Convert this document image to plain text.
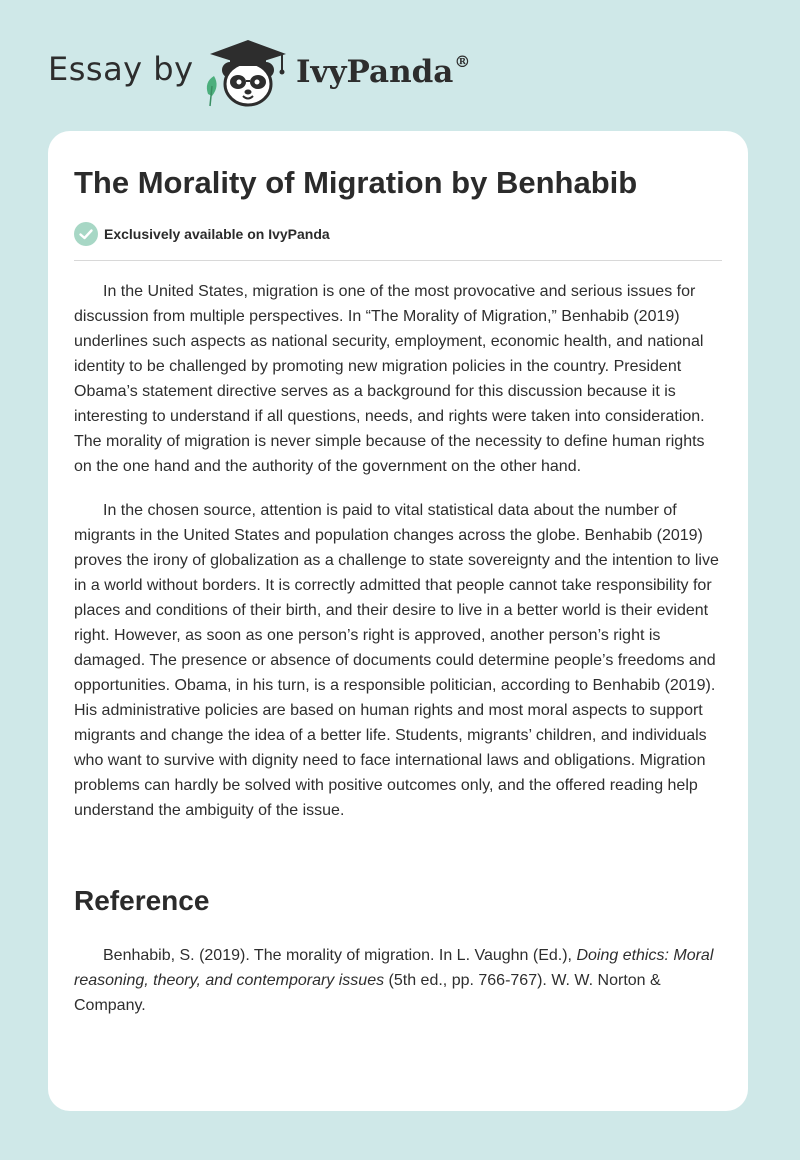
Essay by	IvyPanda®
The Morality of Migration by Benhabib
Exclusively available on IvyPanda

In the United States, migration is one of the most provocative and serious issues for discussion from multiple perspectives. In “The Morality of Migration,” Benhabib (2019) underlines such aspects as national security, employment, economic health, and national identity to be challenged by promoting new migration policies in the country. President Obama’s statement directive serves as a background for this discussion because it is interesting to understand if all questions, needs, and rights were taken into consideration. The morality of migration is never simple because of the necessity to define human rights on the one hand and the authority of the government on the other hand.

In the chosen source, attention is paid to vital statistical data about the number of migrants in the United States and population changes across the globe. Benhabib (2019) proves the irony of globalization as a challenge to state sovereignty and the intention to live in a world without borders. It is correctly admitted that people cannot take responsibility for places and conditions of their birth, and their desire to live in a better world is their evident right. However, as soon as one person’s right is approved, another person’s right is damaged. The presence or absence of documents could determine people’s freedoms and opportunities. Obama, in his turn, is a responsible politician, according to Benhabib (2019). His administrative policies are based on human rights and most moral aspects to support migrants and change the idea of a better life. Students, migrants’ children, and individuals who want to survive with dignity need to face international laws and obligations. Migration problems can hardly be solved with positive outcomes only, and the offered reading help understand the ambiguity of the issue.

Reference

Benhabib, S. (2019). The morality of migration. In L. Vaughn (Ed.), Doing ethics: Moral reasoning, theory, and contemporary issues (5th ed., pp. 766-767). W. W. Norton & Company.
